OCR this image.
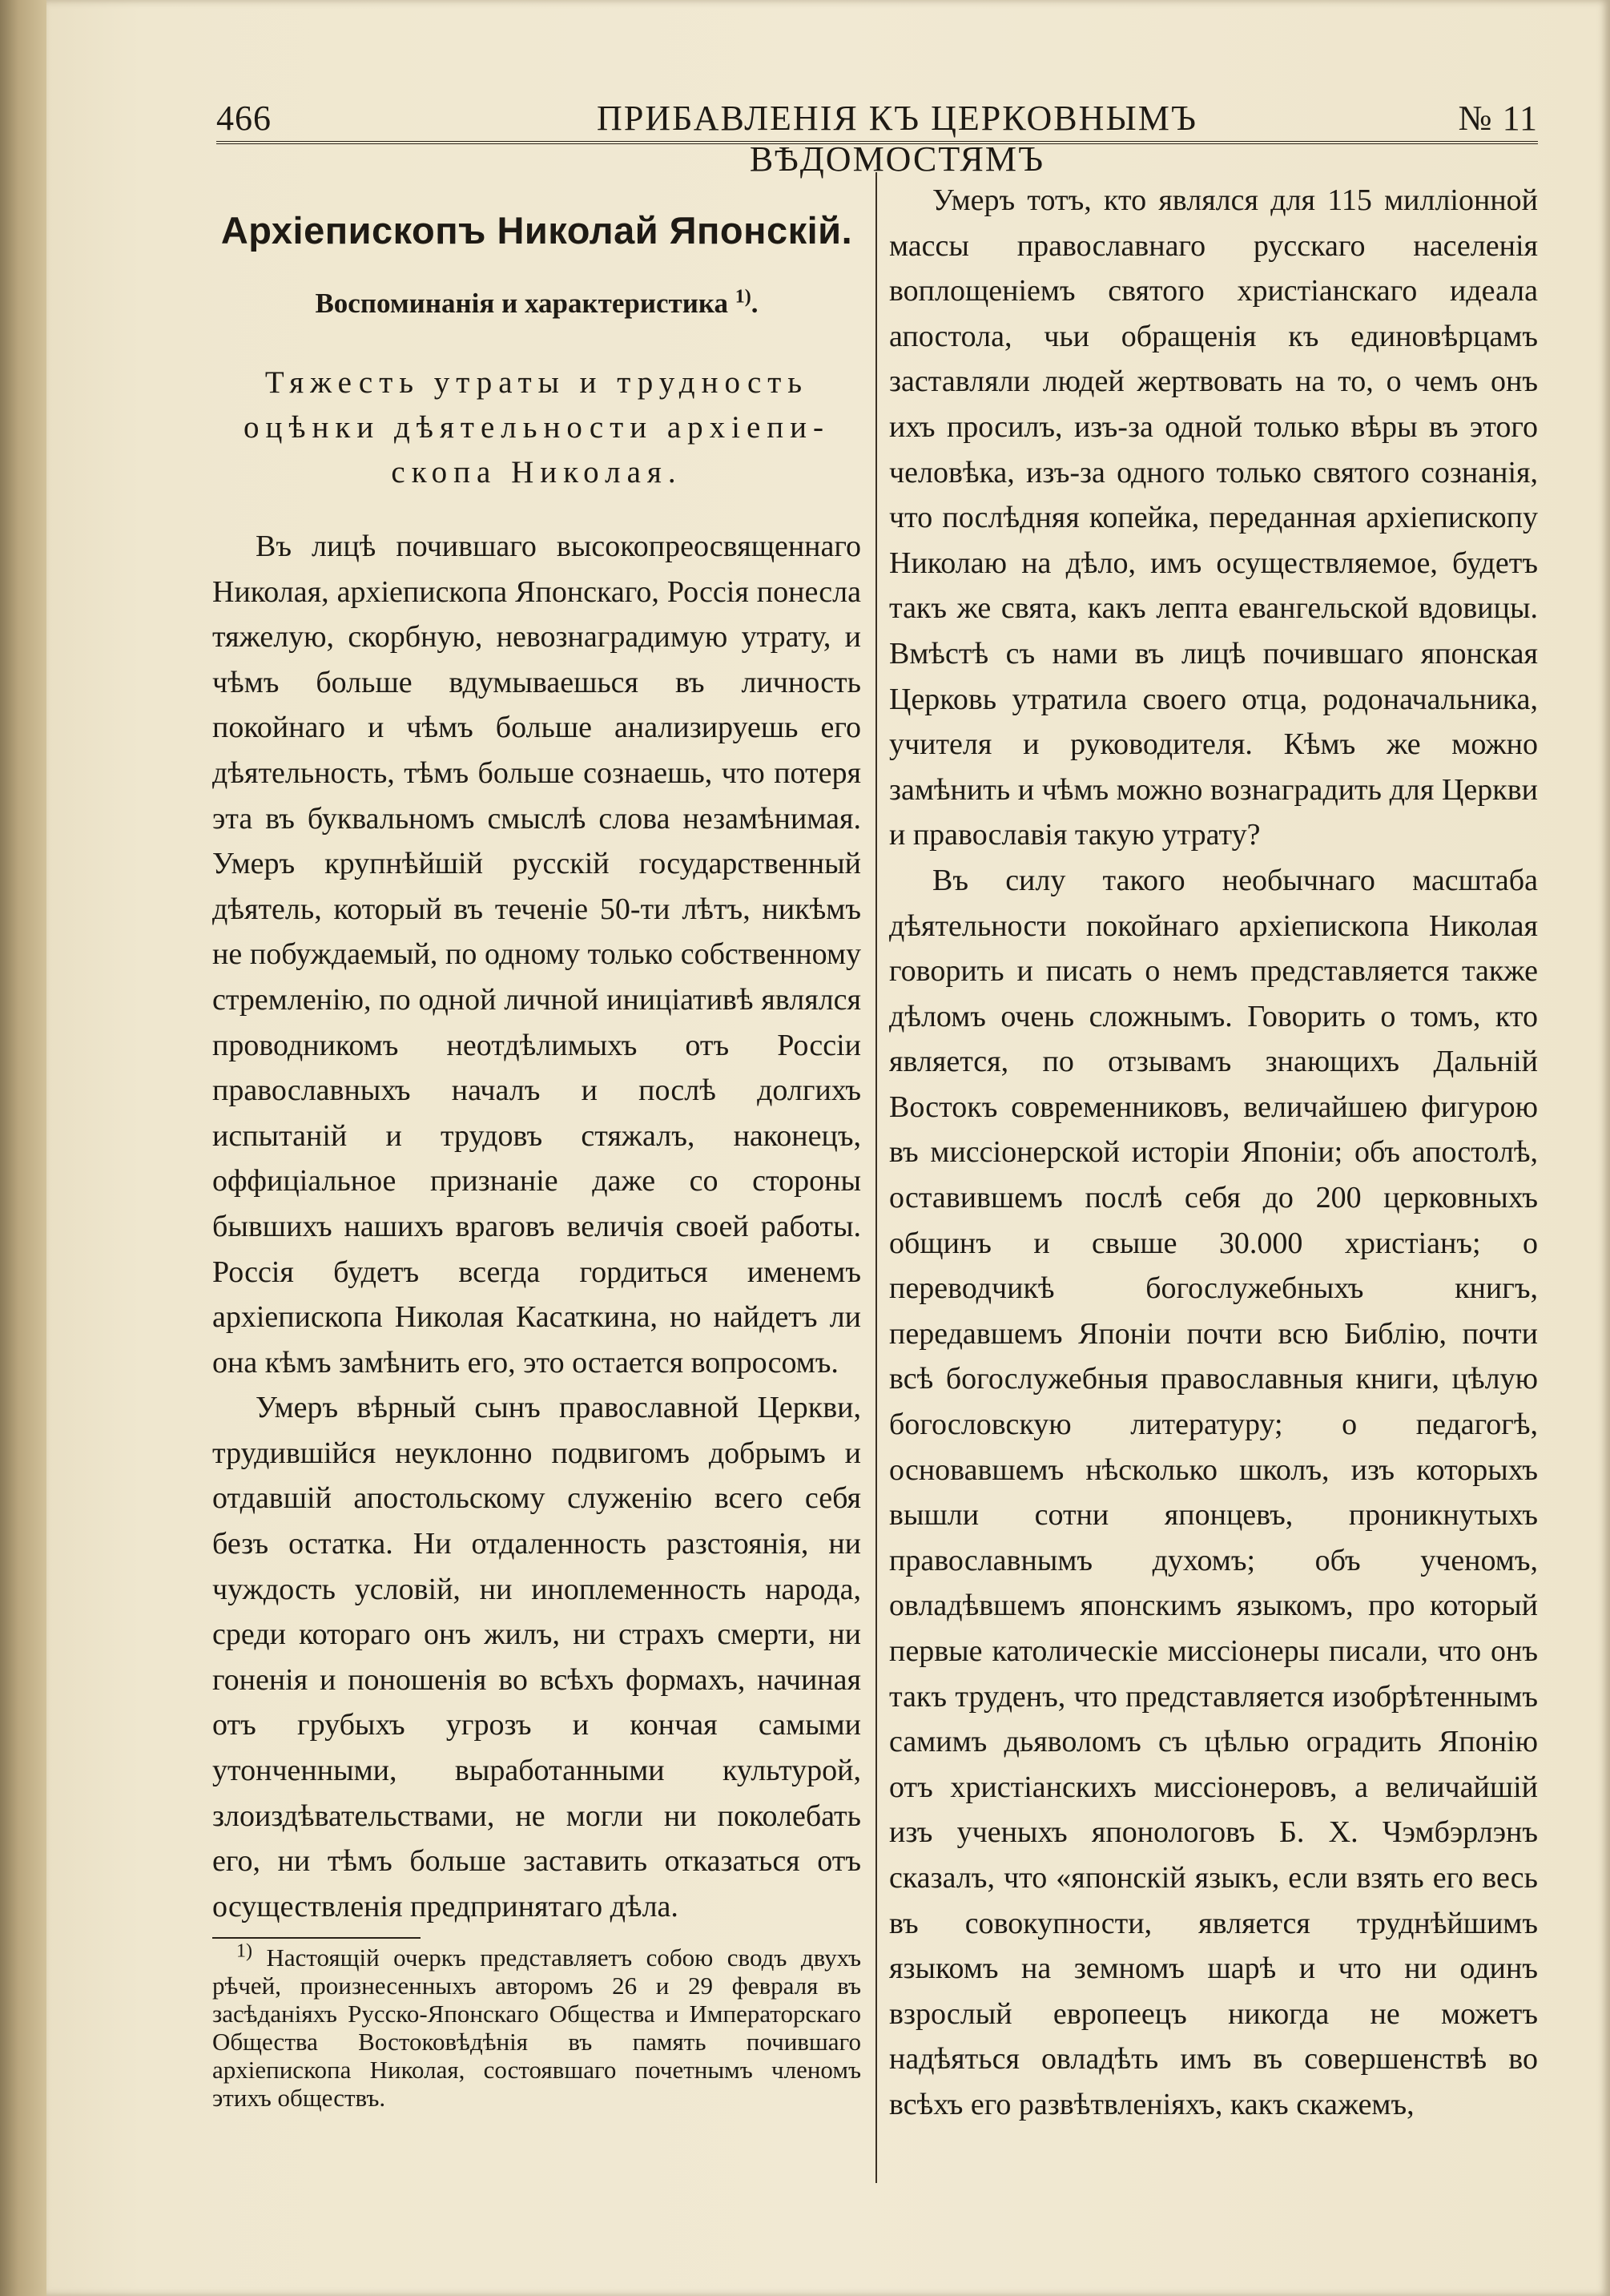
466	ПРИБАВЛЕНІЯ КЪ ЦЕРКОВНЫМЪ ВѢДОМОСТЯМЪ
№ 11
Архіепископъ Николай Японскій.
Воспоминанія и характеристика $^{1)}$.
Тяжесть утраты и трудность
оцѣнки дѣятельности архіепи-
скопа Николая.

Въ лицѣ почившаго высокопреосвященнаго Николая, архіепископа Японскаго, Россія понесла тяжелую, скорбную, невознаградимую утрату, и чѣмъ больше вдумываешься въ личность покойнаго и чѣмъ больше анализируешь его дѣятельность, тѣмъ больше сознаешь, что потеря эта въ буквальномъ смыслѣ слова незамѣнимая. Умеръ крупнѣйшій русскій государственный дѣятель, который въ теченіе 50-ти лѣтъ, никѣмъ не побуждаемый, по одному только собственному стремленію, по одной личной иниціативѣ являлся проводникомъ неотдѣлимыхъ отъ Россіи православныхъ началъ и послѣ долгихъ испытаній и трудовъ стяжалъ, наконецъ, оффиціальное признаніе даже со стороны бывшихъ нашихъ враговъ величія своей работы. Россія будетъ всегда гордиться именемъ архіепископа Николая Касаткина, но найдетъ ли она кѣмъ замѣнить его, это остается вопросомъ.

Умеръ вѣрный сынъ православной Церкви, трудившійся неуклонно подвигомъ добрымъ и отдавшій апостольскому служенію всего себя безъ остатка. Ни отдаленность разстоянія, ни чуждость условій, ни иноплеменность народа, среди котораго онъ жилъ, ни страхъ смерти, ни гоненія и поношенія во всѣхъ формахъ, начиная отъ грубыхъ угрозъ и кончая самыми утонченными, выработанными культурой, злоиздѣвательствами, не могли ни поколебать его, ни тѣмъ больше заставить отказаться отъ осуществленія предпринятаго дѣла.

$^{1)}$ Настоящій очеркъ представляетъ собою сводъ двухъ рѣчей, произнесенныхъ авторомъ 26 и 29 февраля въ засѣданіяхъ Русско-Японскаго Общества и Императорскаго Общества Востоковѣдѣнія въ память почившаго архіепископа Николая, состоявшаго почетнымъ членомъ этихъ обществъ.

Умеръ тотъ, кто являлся для 115 милліонной массы православнаго русскаго населенія воплощеніемъ святого христіанскаго идеала апостола, чьи обращенія къ единовѣрцамъ заставляли людей жертвовать на то, о чемъ онъ ихъ просилъ, изъ-за одной только вѣры въ этого человѣка, изъ-за одного только святого сознанія, что послѣдняя копейка, переданная архіепископу Николаю на дѣло, имъ осуществляемое, будетъ такъ же свята, какъ лепта евангельской вдовицы. Вмѣстѣ съ нами въ лицѣ почившаго японская Церковь утратила своего отца, родоначальника, учителя и руководителя. Кѣмъ же можно замѣнить и чѣмъ можно вознаградить для Церкви и православія такую утрату?

Въ силу такого необычнаго масштаба дѣятельности покойнаго архіепископа Николая говорить и писать о немъ представляется также дѣломъ очень сложнымъ. Говорить о томъ, кто является, по отзывамъ знающихъ Дальній Востокъ современниковъ, величайшею фигурою въ миссіонерской исторіи Японіи; объ апостолѣ, оставившемъ послѣ себя до 200 церковныхъ общинъ и свыше 30.000 христіанъ; о переводчикѣ богослужебныхъ книгъ, передавшемъ Японіи почти всю Библію, почти всѣ богослужебныя православныя книги, цѣлую богословскую литературу; о педагогѣ, основавшемъ нѣсколько школъ, изъ которыхъ вышли сотни японцевъ, проникнутыхъ православнымъ духомъ; объ ученомъ, овладѣвшемъ японскимъ языкомъ, про который первые католическіе миссіонеры писали, что онъ такъ труденъ, что представляется изобрѣтеннымъ самимъ дьяволомъ съ цѣлью оградить Японію отъ христіанскихъ миссіонеровъ, а величайшій изъ ученыхъ японологовъ Б. Х. Чэмбэрлэнъ сказалъ, что «японскій языкъ, если взять его весь въ совокупности, является труднѣйшимъ языкомъ на земномъ шарѣ и что ни одинъ взрослый европеецъ никогда не можетъ надѣяться овладѣть имъ въ совершенствѣ во всѣхъ его развѣтвленіяхъ, какъ скажемъ,
